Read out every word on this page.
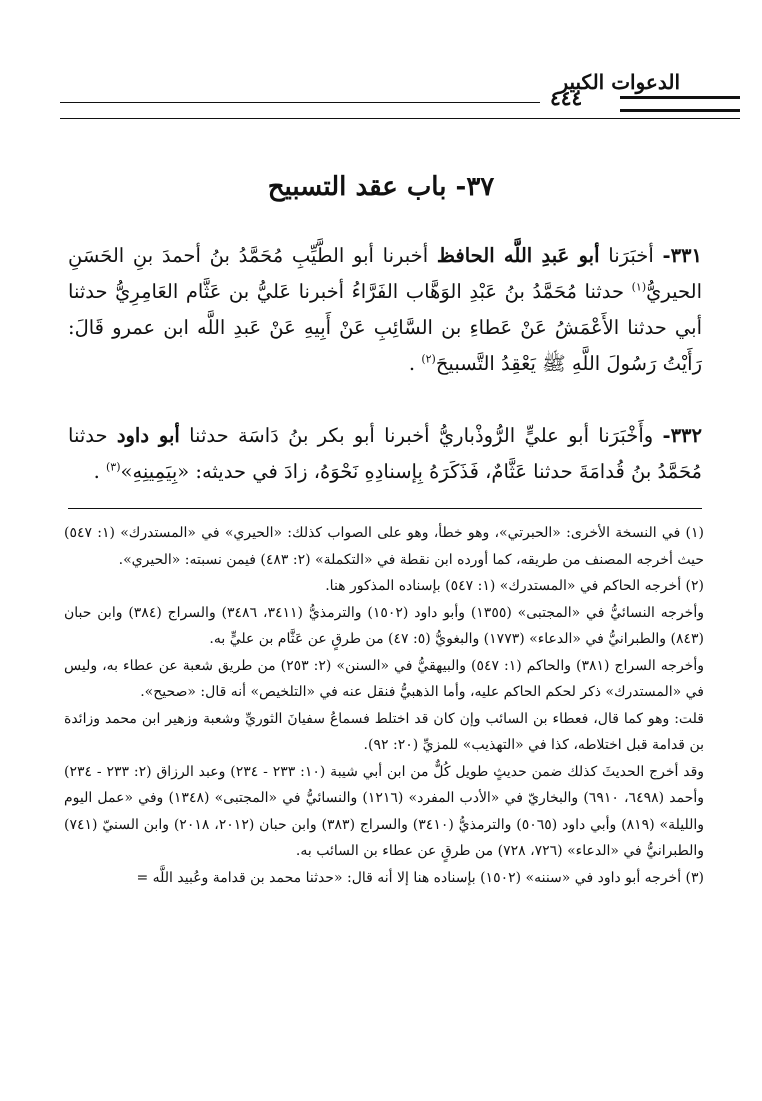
الدعوات الكبير
٤٤٤
٣٧- باب عقد التسبيح
٣٣١- أخبَرَنا أبو عَبدِ اللَّه الحافظ أخبرنا أبو الطَّيِّبِ مُحَمَّدُ بنُ أحمدَ بنِ الحَسَنِ الحيريُّ$^{(١)}$ حدثنا مُحَمَّدُ بنُ عَبْدِ الوَهَّاب الفَرَّاءُ أخبرنا عَليُّ بن عَثَّام العَامِرِيُّ حدثنا أبي حدثنا الأَعْمَشُ عَنْ عَطاءِ بن السَّائِبِ عَنْ أَبِيهِ عَنْ عَبدِ اللَّه ابن عمرو قَالَ: رَأَيْتُ رَسُولَ اللَّهِ ﷺ يَعْقِدُ التَّسبيحَ$^{(٢)}$ .
٣٣٢- وأَخْبَرَنا أبو عليٍّ الرُّوذْباريُّ أخبرنا أبو بكر بنُ دَاسَة حدثنا أبو داود حدثنا مُحَمَّدُ بنُ قُدامَةَ حدثنا عَثَّامٌ، فَذَكَرَهُ بِإسنادِهِ نَحْوَهُ، زادَ في حديثه: «بِيَمِينِهِ»$^{(٣)}$ .

(١) في النسخة الأخرى: «الحبرتي»، وهو خطأ، وهو على الصواب كذلك: «الحيري» في «المستدرك» (١: ٥٤٧) حيث أخرجه المصنف من طريقه، كما أورده ابن نقطة في «التكملة» (٢: ٤٨٣) فيمن نسبته: «الحيري».

(٢) أخرجه الحاكم في «المستدرك» (١: ٥٤٧) بإسناده المذكور هنا.

وأخرجه النسائيُّ في «المجتبى» (١٣٥٥) وأبو داود (١٥٠٢) والترمذيُّ (٣٤١١، ٣٤٨٦) والسراج (٣٨٤) وابن حبان (٨٤٣) والطبرانيُّ في «الدعاء» (١٧٧٣) والبغويُّ (٥: ٤٧) من طرقٍ عن عَثَّام بن عليٍّ به.

وأخرجه السراج (٣٨١) والحاكم (١: ٥٤٧) والبيهقيُّ في «السنن» (٢: ٢٥٣) من طريق شعبة عن عطاء به، وليس في «المستدرك» ذكر لحكم الحاكم عليه، وأما الذهبيُّ فنقل عنه في «التلخيص» أنه قال: «صحيح».

قلت: وهو كما قال، فعطاء بن السائب وإن كان قد اختلط فسماعُ سفيانَ الثوريِّ وشعبة وزهير ابن محمد وزائدة بن قدامة قبل اختلاطه، كذا في «التهذيب» للمزيِّ (٢٠: ٩٢).

وقد أخرج الحديثَ كذلك ضمن حديثٍ طويل كُلٌّ من ابن أبي شيبة (١٠: ٢٣٣ - ٢٣٤) وعبد الرزاق (٢: ٢٣٣ - ٢٣٤) وأحمد (٦٤٩٨، ٦٩١٠) والبخاريّ في «الأدب المفرد» (١٢١٦) والنسائيُّ في «المجتبى» (١٣٤٨) وفي «عمل اليوم والليلة» (٨١٩) وأبي داود (٥٠٦٥) والترمذيُّ (٣٤١٠) والسراج (٣٨٣) وابن حبان (٢٠١٢، ٢٠١٨) وابن السنيّ (٧٤١) والطبرانيُّ في «الدعاء» (٧٢٦، ٧٢٨) من طرقٍ عن عطاء بن السائب به.

(٣) أخرجه أبو داود في «سننه» (١٥٠٢) بإسناده هنا إلا أنه قال: «حدثنا محمد بن قدامة وعُبيد اللَّه =
